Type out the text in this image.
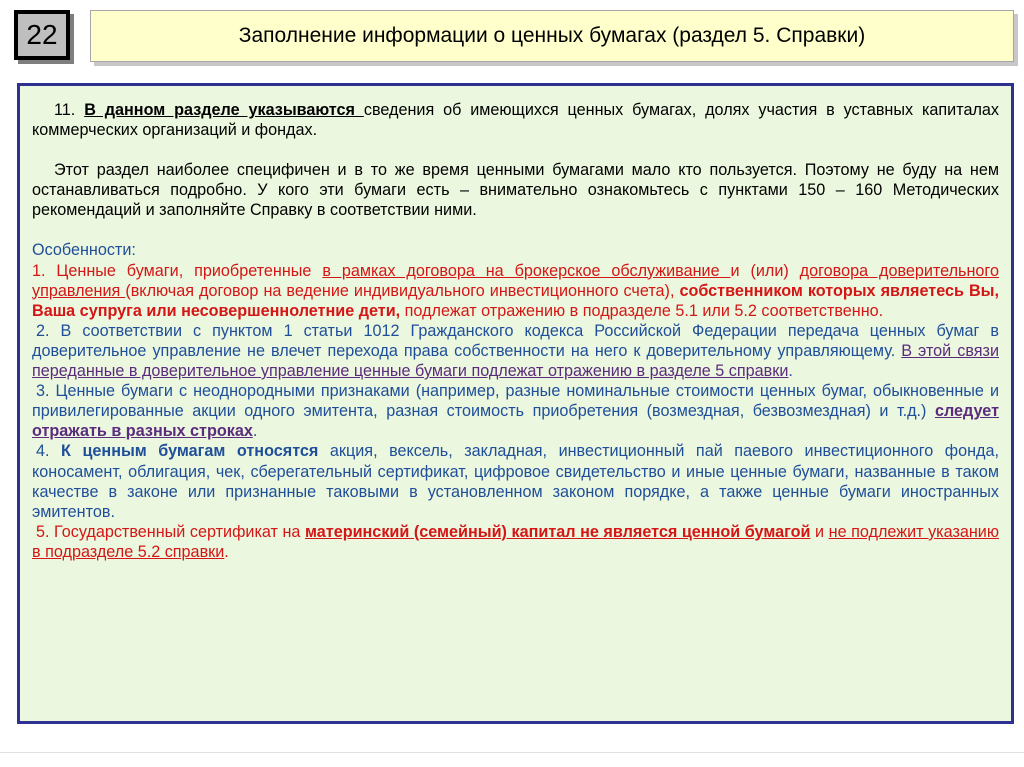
22	Заполнение информации о ценных бумагах (раздел 5. Справки)

11. В данном разделе указываются сведения об имеющихся ценных бумагах, долях участия в уставных капиталах коммерческих организаций и фондах.

Этот раздел наиболее специфичен и в то же время ценными бумагами мало кто пользуется. Поэтому не буду на нем останавливаться подробно. У кого эти бумаги есть – внимательно ознакомьтесь с пунктами 150 – 160 Методических рекомендаций и заполняйте Справку в соответствии ними.

Особенности:

1. Ценные бумаги, приобретенные в рамках договора на брокерское обслуживание и (или) договора доверительного управления (включая договор на ведение индивидуального инвестиционного счета), собственником которых являетесь Вы, Ваша супруга или несовершеннолетние дети, подлежат отражению в подразделе 5.1 или 5.2 соответственно.

2. В соответствии с пунктом 1 статьи 1012 Гражданского кодекса Российской Федерации передача ценных бумаг в доверительное управление не влечет перехода права собственности на него к доверительному управляющему. В этой связи переданные в доверительное управление ценные бумаги подлежат отражению в разделе 5 справки.

3. Ценные бумаги с неоднородными признаками (например, разные номинальные стоимости ценных бумаг, обыкновенные и привилегированные акции одного эмитента, разная стоимость приобретения (возмездная, безвозмездная) и т.д.) следует отражать в разных строках.

4. К ценным бумагам относятся акция, вексель, закладная, инвестиционный пай паевого инвестиционного фонда, коносамент, облигация, чек, сберегательный сертификат, цифровое свидетельство и иные ценные бумаги, названные в таком качестве в законе или признанные таковыми в установленном законом порядке, а также ценные бумаги иностранных эмитентов.

5. Государственный сертификат на материнский (семейный) капитал не является ценной бумагой и не подлежит указанию в подразделе 5.2 справки.
